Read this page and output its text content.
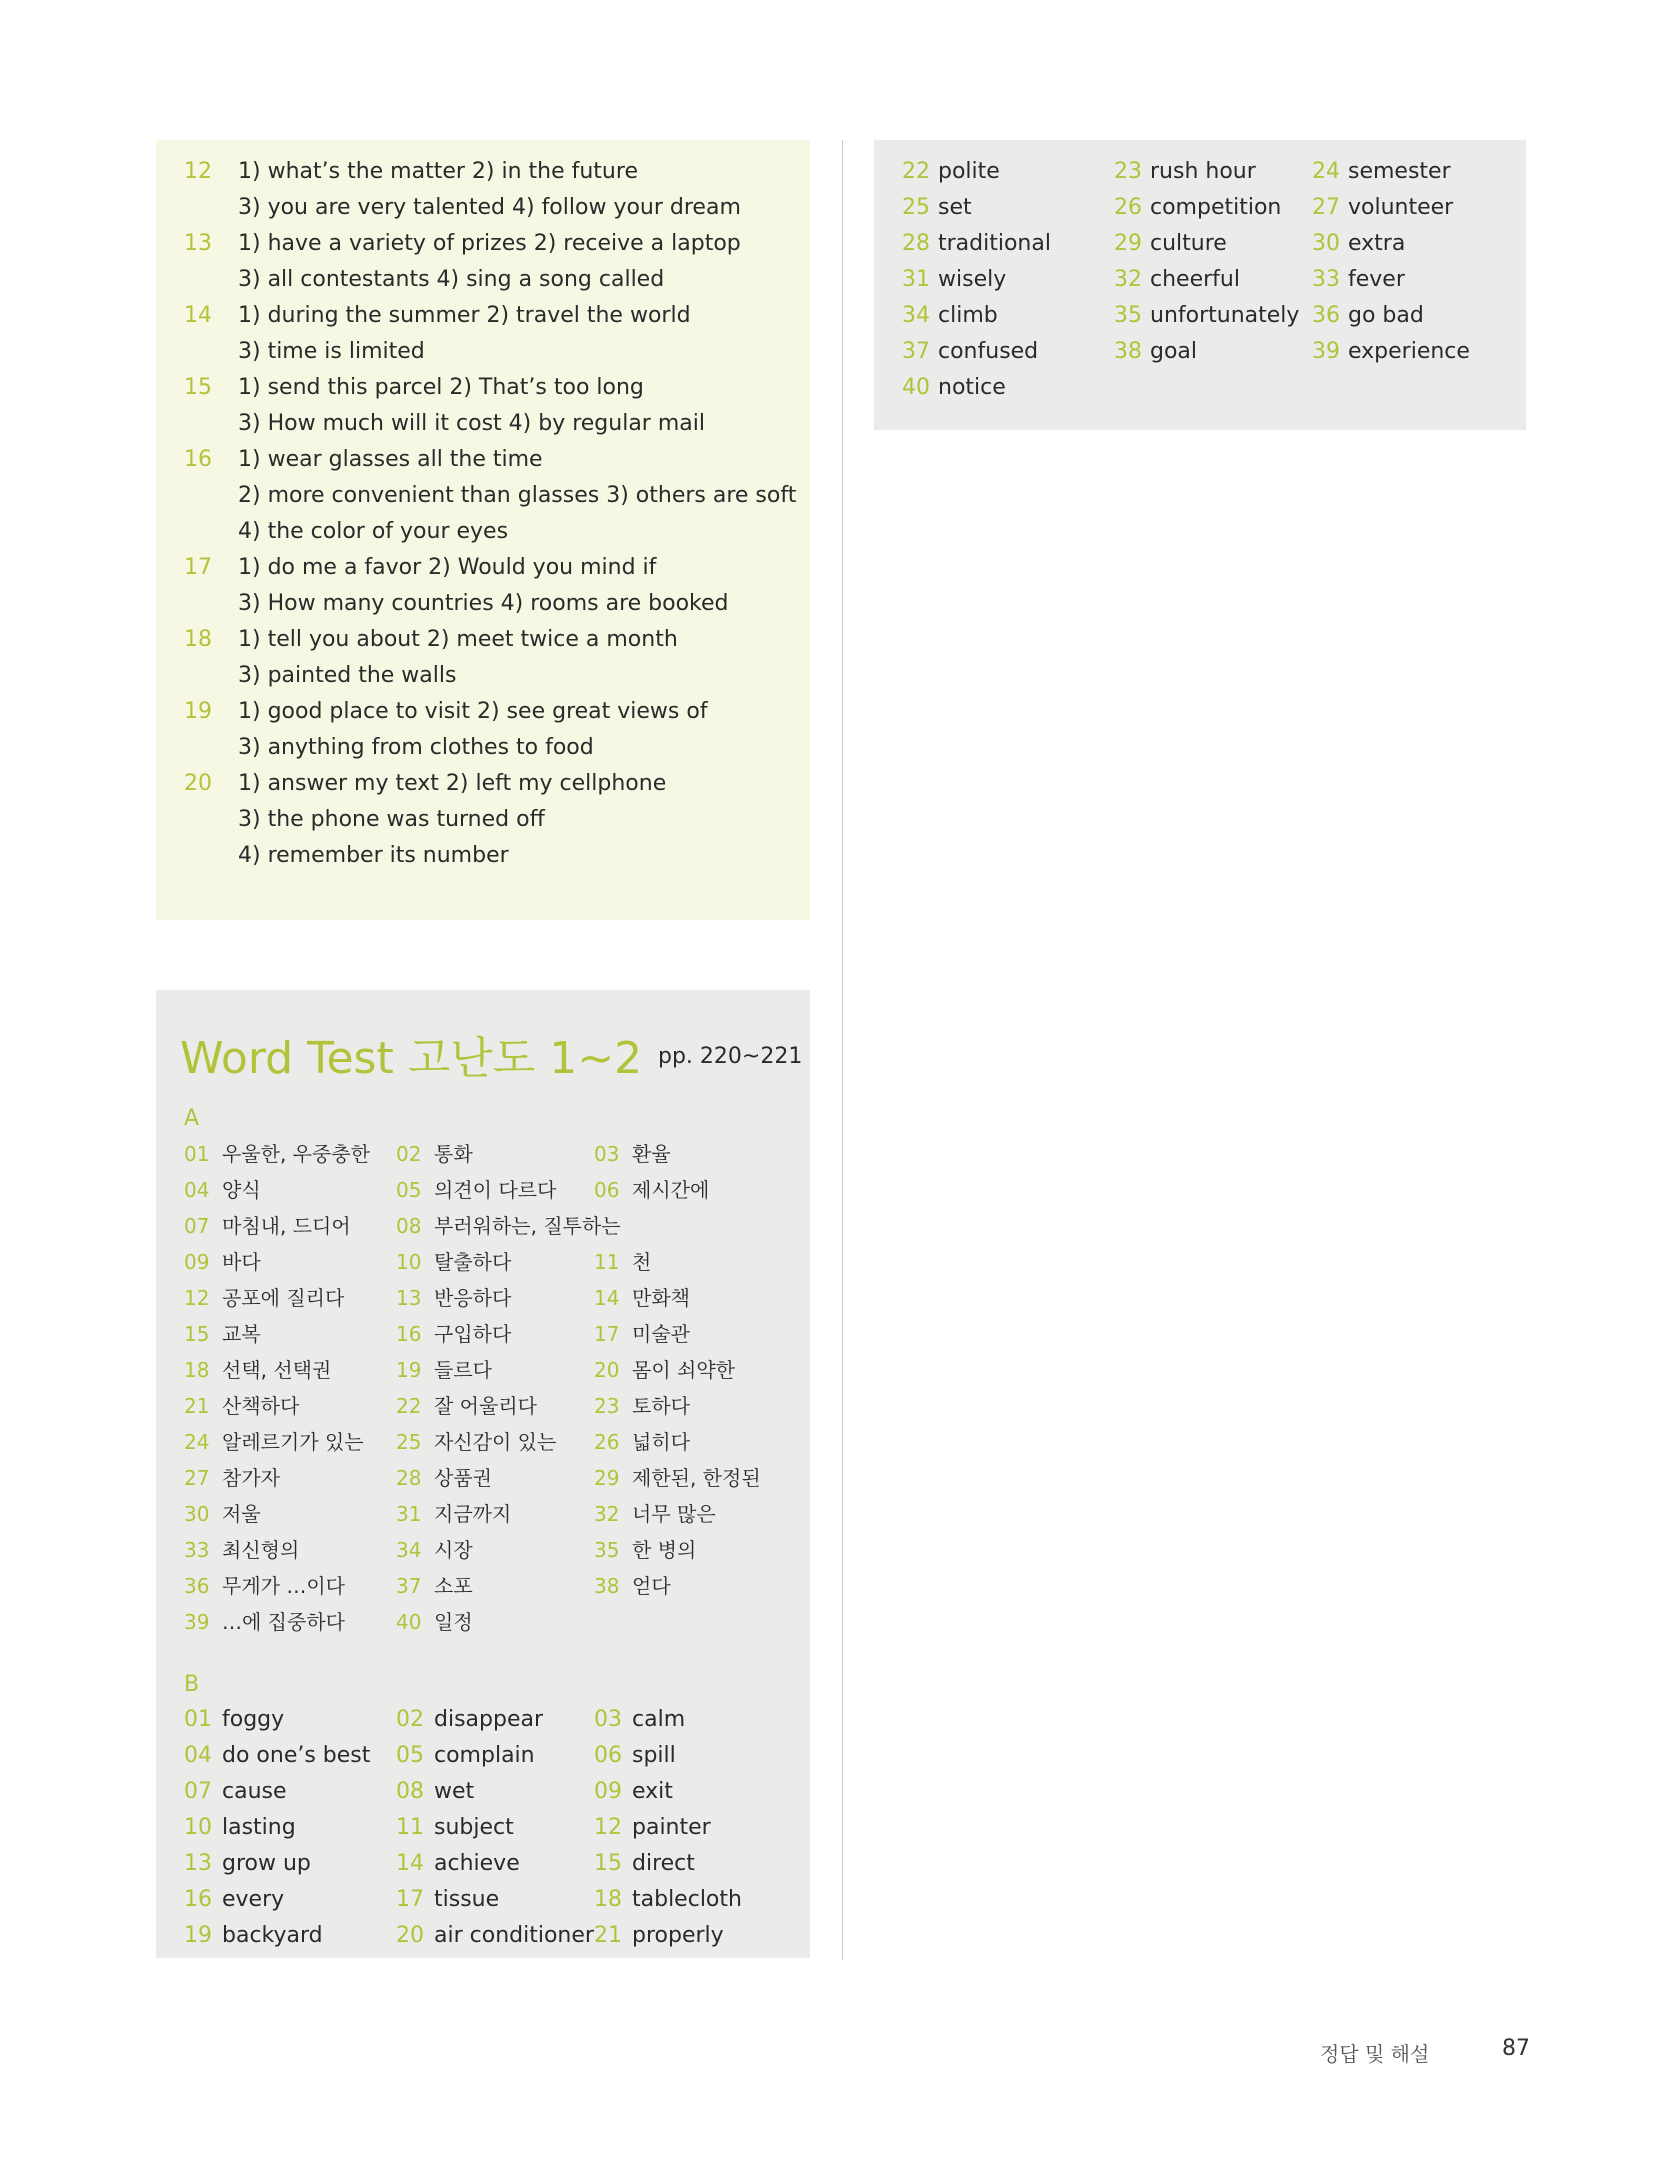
12	1) what’s the matter 2) in the future
3) you are very talented 4) follow your dream
13	1) have a variety of prizes 2) receive a laptop
3) all contestants 4) sing a song called
14	1) during the summer 2) travel the world
3) time is limited
15	1) send this parcel 2) That’s too long
3) How much will it cost 4) by regular mail
16	1) wear glasses all the time
2) more convenient than glasses 3) others are soft
4) the color of your eyes
17	1) do me a favor 2) Would you mind if
3) How many countries 4) rooms are booked
18	1) tell you about 2) meet twice a month
3) painted the walls
19	1) good place to visit 2) see great views of
3) anything from clothes to food
20	1) answer my text 2) left my cellphone
3) the phone was turned off
4) remember its number
22 polite	23 rush hour	24 semester
25 set	26 competition	27 volunteer
28 traditional	29 culture	30 extra
31 wisely	32 cheerful	33 fever
34 climb	35 unfortunately 36 go bad
37 confused	38 goal	39 experience
40 notice
Word Test 고난도 1~2 pp. 220~221
A
01 우울한, 우중충한	02 통화	03 환율
04 양식	05 의견이 다르다	06 제시간에
07 마침내, 드디어	08 부러워하는, 질투하는
09 바다	10 탈출하다	11 천
12 공포에 질리다	13 반응하다	14 만화책
15 교복	16 구입하다	17 미술관
18 선택, 선택권	19 들르다	20 몸이 쇠약한
21 산책하다	22 잘 어울리다	23 토하다
24 알레르기가 있는	25 자신감이 있는	26 넓히다
27 참가자	28 상품권	29 제한된, 한정된
30 저울	31 지금까지	32 너무 많은
33 최신형의	34 시장	35 한 병의
36 무게가 …이다	37 소포	38 얻다
39 …에 집중하다	40 일정
B
01 foggy	02 disappear	03 calm
04 do one’s best	05 complain	06 spill
07 cause	08 wet	09 exit
10 lasting	11 subject	12 painter
13 grow up	14 achieve	15 direct
16 every	17 tissue	18 tablecloth
19 backyard	20 air conditioner 21 properly
정답 및 해설	87
